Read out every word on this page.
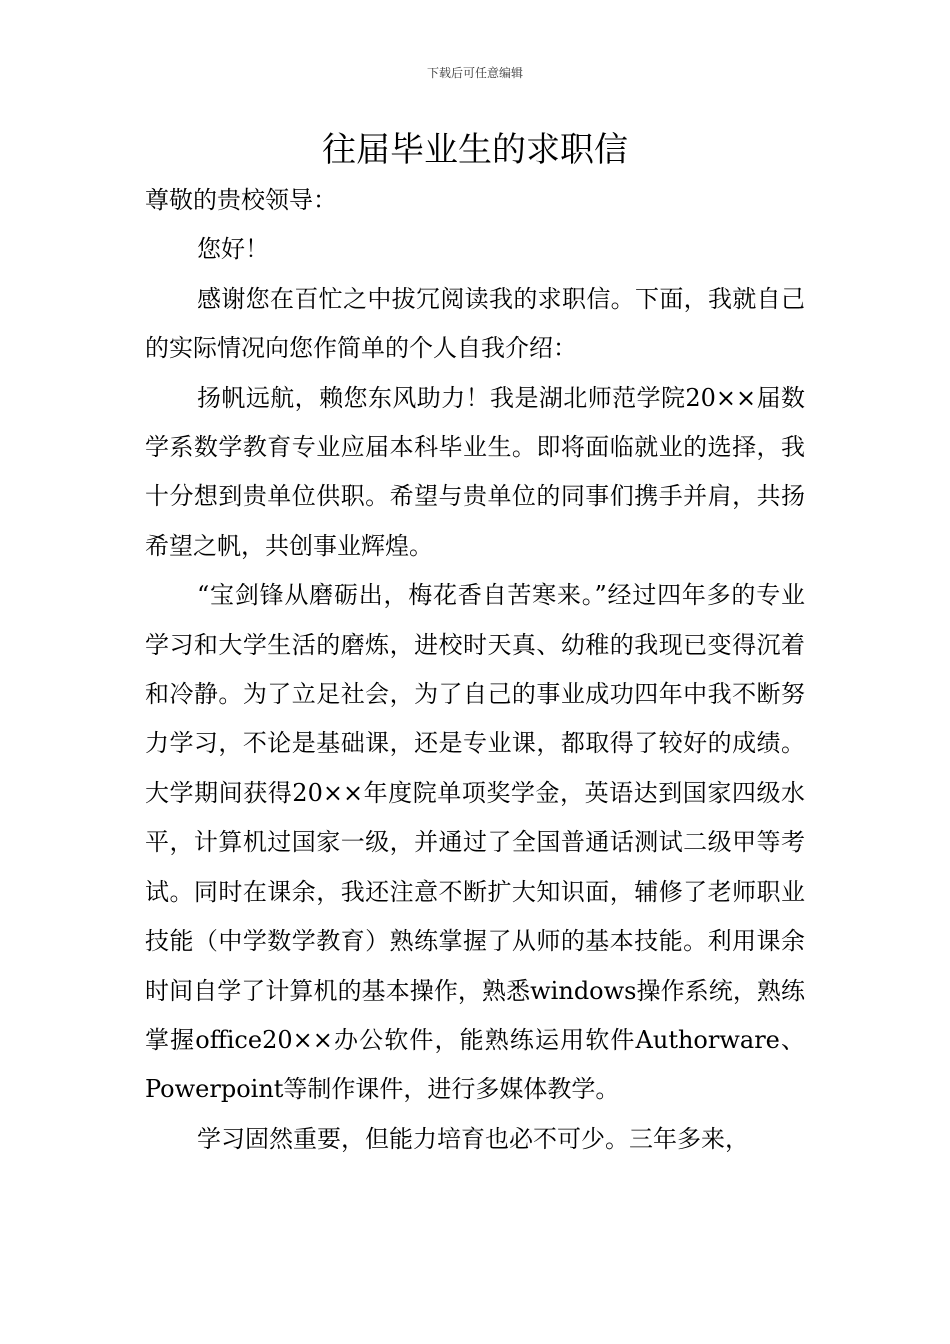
下载后可任意编辑
往届毕业生的求职信

尊敬的贵校领导：

您好！

感谢您在百忙之中拔冗阅读我的求职信。下面，我就自己的实际情况向您作简单的个人自我介绍：

扬帆远航，赖您东风助力！我是湖北师范学院20××届数学系数学教育专业应届本科毕业生。即将面临就业的选择，我十分想到贵单位供职。希望与贵单位的同事们携手并肩，共扬希望之帆，共创事业辉煌。

“宝剑锋从磨砺出，梅花香自苦寒来。”经过四年多的专业学习和大学生活的磨炼，进校时天真、幼稚的我现已变得沉着和冷静。为了立足社会，为了自己的事业成功四年中我不断努力学习，不论是基础课，还是专业课，都取得了较好的成绩。大学期间获得20××年度院单项奖学金，英语达到国家四级水平，计算机过国家一级，并通过了全国普通话测试二级甲等考试。同时在课余，我还注意不断扩大知识面，辅修了老师职业技能（中学数学教育）熟练掌握了从师的基本技能。利用课余时间自学了计算机的基本操作，熟悉windows操作系统，熟练掌握office20××办公软件，能熟练运用软件Authorware、Powerpoint等制作课件，进行多媒体教学。

学习固然重要，但能力培育也必不可少。三年多来，
